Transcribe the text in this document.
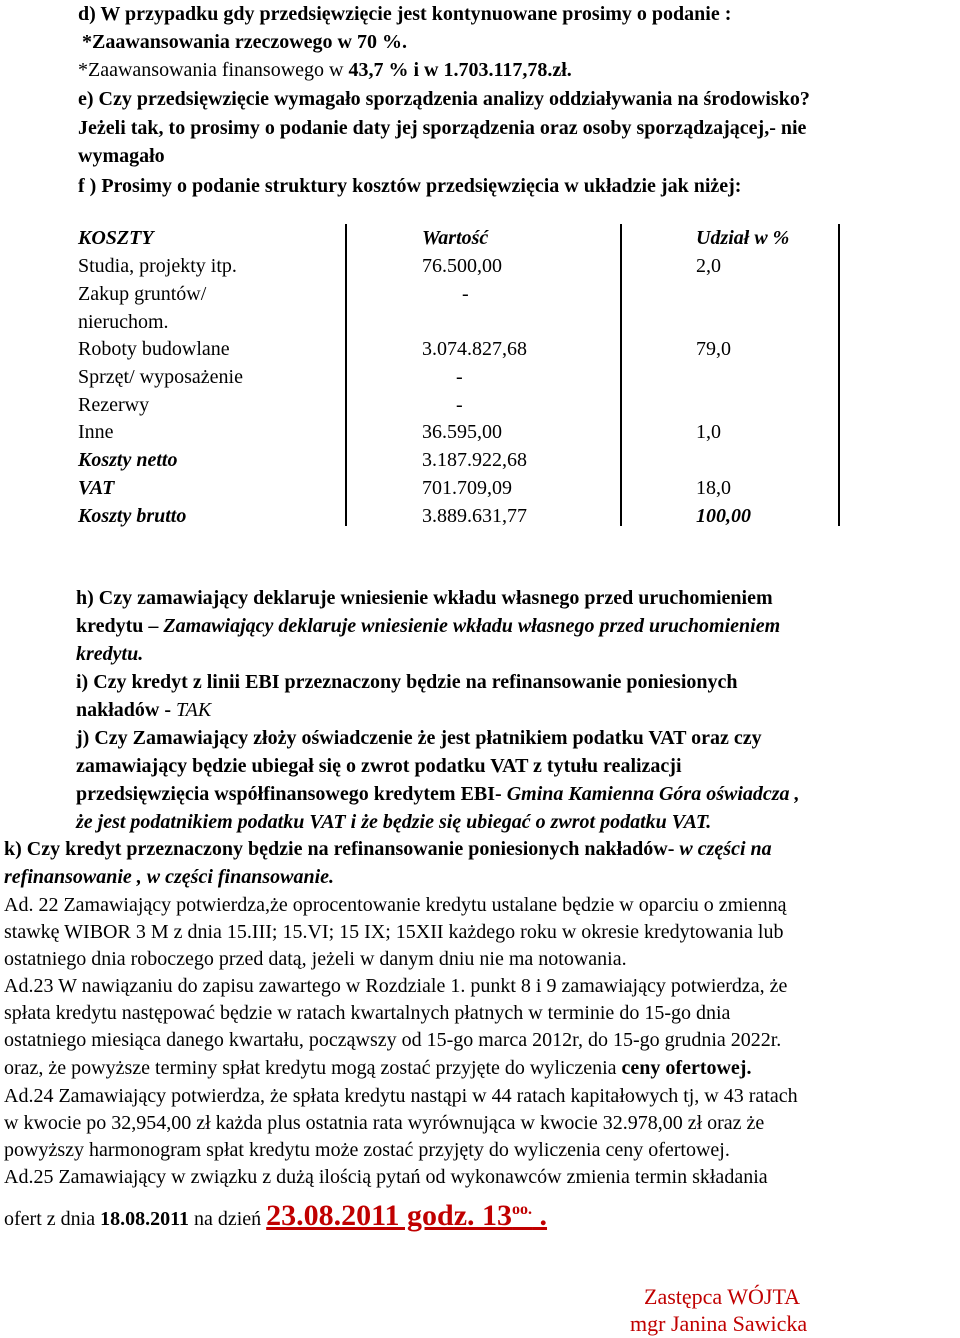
d) W przypadku gdy przedsięwzięcie jest kontynuowane prosimy o podanie :
*Zaawansowania rzeczowego w 70 %.
*Zaawansowania finansowego w 43,7 % i w 1.703.117,78.zł.
e) Czy przedsięwzięcie wymagało sporządzenia analizy oddziaływania na środowisko?
Jeżeli tak, to prosimy o podanie daty jej sporządzenia oraz osoby sporządzającej,- nie
wymagało
f ) Prosimy o podanie struktury kosztów przedsięwzięcia w układzie jak niżej:
KOSZTY	Wartość	Udział w %
Studia, projekty itp.	76.500,00	2,0
Zakup gruntów/	-
nieruchom.
Roboty budowlane	3.074.827,68	79,0
Sprzęt/ wyposażenie	-
Rezerwy	-
Inne	36.595,00	1,0
Koszty netto	3.187.922,68
VAT	701.709,09	18,0
Koszty brutto	3.889.631,77	100,00
h) Czy zamawiający deklaruje wniesienie wkładu własnego przed uruchomieniem
kredytu – Zamawiający deklaruje wniesienie wkładu własnego przed uruchomieniem
kredytu.
i) Czy kredyt z linii EBI przeznaczony będzie na refinansowanie poniesionych
nakładów - TAK
j) Czy Zamawiający złoży oświadczenie że jest płatnikiem podatku VAT oraz czy
zamawiający będzie ubiegał się o zwrot podatku VAT z tytułu realizacji
przedsięwzięcia współfinansowego kredytem EBI- Gmina Kamienna Góra oświadcza ,
że jest podatnikiem podatku VAT i że będzie się ubiegać o zwrot podatku VAT.
k) Czy kredyt przeznaczony będzie na refinansowanie poniesionych nakładów- w części na
refinansowanie , w części finansowanie.
Ad. 22 Zamawiający potwierdza,że oprocentowanie kredytu ustalane będzie w oparciu o zmienną
stawkę WIBOR 3 M z dnia 15.III; 15.VI; 15 IX; 15XII każdego roku w okresie kredytowania lub
ostatniego dnia roboczego przed datą, jeżeli w danym dniu nie ma notowania.
Ad.23 W nawiązaniu do zapisu zawartego w Rozdziale 1. punkt 8 i 9 zamawiający potwierdza, że
spłata kredytu następować będzie w ratach kwartalnych płatnych w terminie do 15-go dnia
ostatniego miesiąca danego kwartału, począwszy od 15-go marca 2012r, do 15-go grudnia 2022r.
oraz, że powyższe terminy spłat kredytu mogą zostać przyjęte do wyliczenia ceny ofertowej.
Ad.24 Zamawiający potwierdza, że spłata kredytu nastąpi w 44 ratach kapitałowych tj, w 43 ratach
w kwocie po 32,954,00 zł każda plus ostatnia rata wyrównująca w kwocie 32.978,00 zł oraz że
powyższy harmonogram spłat kredytu może zostać przyjęty do wyliczenia ceny ofertowej.
Ad.25 Zamawiający w związku z dużą ilością pytań od wykonawców zmienia termin składania
ofert z dnia 18.08.2011 na dzień 23.08.2011 godz. $13^{oo.}$ .
Zastępca WÓJTA
mgr Janina Sawicka
